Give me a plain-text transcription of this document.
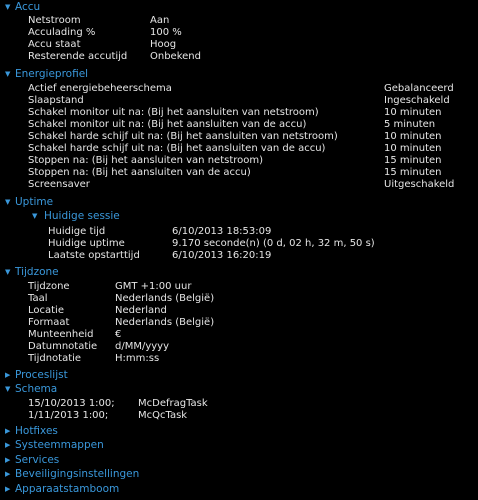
▼ Accu
Netstroom	Aan
Acculading %	100 %
Accu staat	Hoog
Resterende accutijd Onbekend
▼ Energieprofiel
Actief energiebeheerschema	Gebalanceerd
Slaapstand	Ingeschakeld
Schakel monitor uit na: (Bij het aansluiten van netstroom)	10 minuten
Schakel monitor uit na: (Bij het aansluiten van de accu)	5 minuten
Schakel harde schijf uit na: (Bij het aansluiten van netstroom)	10 minuten
Schakel harde schijf uit na: (Bij het aansluiten van de accu)	10 minuten
Stoppen na: (Bij het aansluiten van netstroom)	15 minuten
Stoppen na: (Bij het aansluiten van de accu)	15 minuten
Screensaver	Uitgeschakeld
▼ Uptime
▼ Huidige sessie
Huidige tijd	6/10/2013 18:53:09
Huidige uptime	9.170 seconde(n) (0 d, 02 h, 32 m, 50 s)
Laatste opstarttijd	6/10/2013 16:20:19
▼ Tijdzone
Tijdzone	GMT +1:00 uur
Taal	Nederlands (België)
Locatie	Nederland
Formaat	Nederlands (België)
Munteenheid €
Datumnotatie d/MM/yyyy
Tijdnotatie	H:mm:ss
▶ Proceslijst
▼ Schema
15/10/2013 1:00; McDefragTask
1/11/2013 1:00;	McQcTask
▶ Hotfixes
▶ Systeemmappen
▶ Services
▶ Beveiligingsinstellingen
▶ Apparaatstamboom
